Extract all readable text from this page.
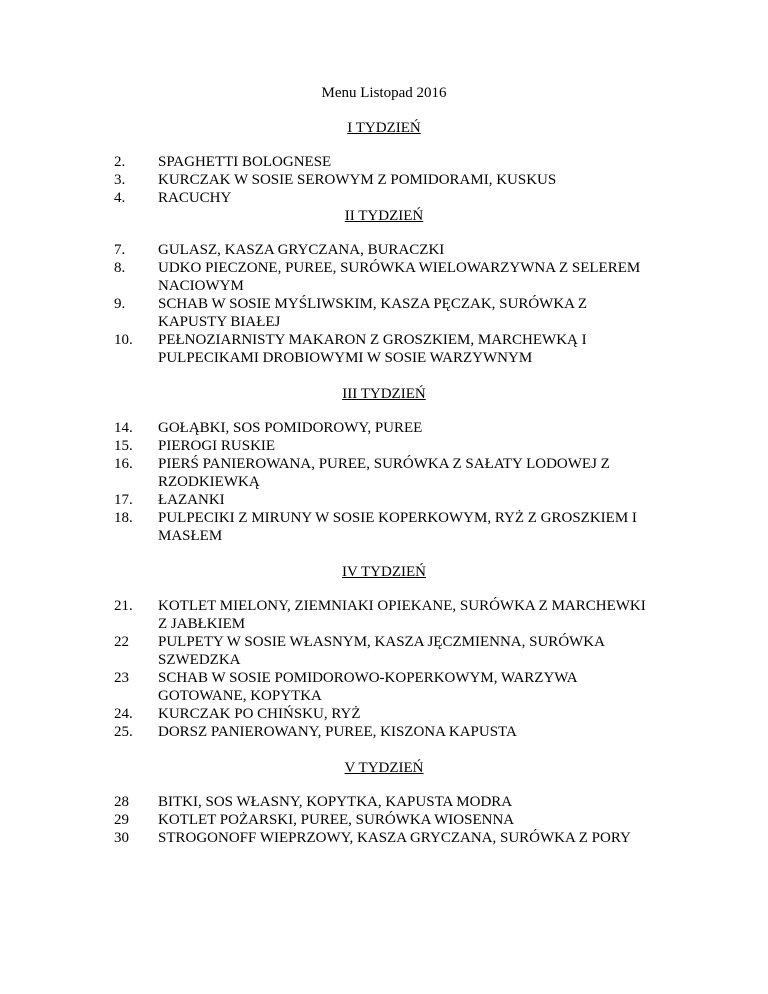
Menu Listopad 2016
I TYDZIEŃ
2.	SPAGHETTI BOLOGNESE
3.	KURCZAK W SOSIE SEROWYM Z POMIDORAMI, KUSKUS
4.	RACUCHY
II TYDZIEŃ
7.	GULASZ, KASZA GRYCZANA, BURACZKI
8.	UDKO PIECZONE, PUREE, SURÓWKA WIELOWARZYWNA Z SELEREM
NACIOWYM
9.	SCHAB W SOSIE MYŚLIWSKIM, KASZA PĘCZAK, SURÓWKA Z
KAPUSTY BIAŁEJ
10.	PEŁNOZIARNISTY MAKARON Z GROSZKIEM, MARCHEWKĄ I
PULPECIKAMI DROBIOWYMI W SOSIE WARZYWNYM
III TYDZIEŃ
14.	GOŁĄBKI, SOS POMIDOROWY, PUREE
15.	PIEROGI RUSKIE
16.	PIERŚ PANIEROWANA, PUREE, SURÓWKA Z SAŁATY LODOWEJ Z
RZODKIEWKĄ
17.	ŁAZANKI
18.	PULPECIKI Z MIRUNY W SOSIE KOPERKOWYM, RYŻ Z GROSZKIEM I
MASŁEM
IV TYDZIEŃ
21.	KOTLET MIELONY, ZIEMNIAKI OPIEKANE, SURÓWKA Z MARCHEWKI
Z JABŁKIEM
22	PULPETY W SOSIE WŁASNYM, KASZA JĘCZMIENNA, SURÓWKA
SZWEDZKA
23	SCHAB W SOSIE POMIDOROWO-KOPERKOWYM, WARZYWA
GOTOWANE, KOPYTKA
24.	KURCZAK PO CHIŃSKU, RYŻ
25.	DORSZ PANIEROWANY, PUREE, KISZONA KAPUSTA
V TYDZIEŃ
28	BITKI, SOS WŁASNY, KOPYTKA, KAPUSTA MODRA
29	KOTLET POŻARSKI, PUREE, SURÓWKA WIOSENNA
30	STROGONOFF WIEPRZOWY, KASZA GRYCZANA, SURÓWKA Z PORY
